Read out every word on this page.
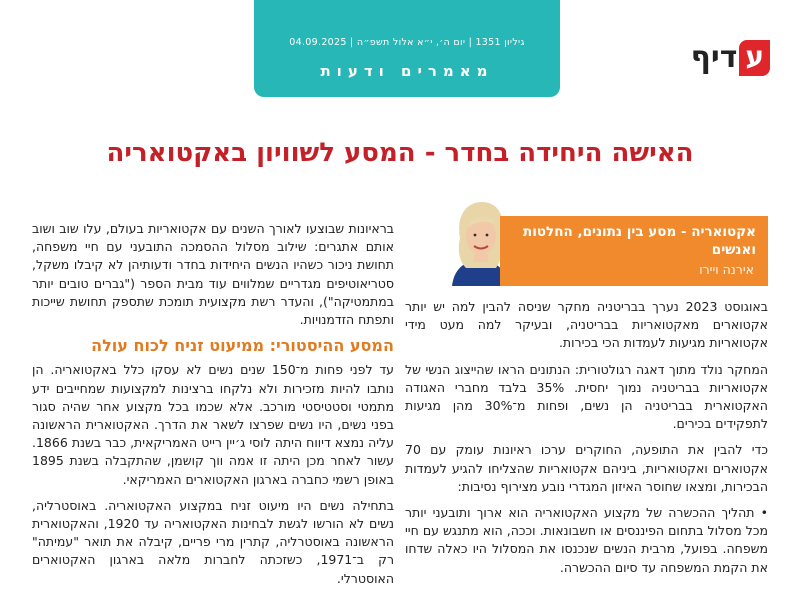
גיליון 1351 | יום ה׳, י״א אלול תשפ״ה | 04.09.2025
מאמרים ודעות	ע
דיף
האישה היחידה בחדר - המסע לשוויון באקטואריה
אקטואריה - מסע בין נתונים, החלטות ואנשים
אירנה ויירו

באוגוסט 2023 נערך בבריטניה מחקר שניסה להבין למה יש יותר אקטוארים מאקטואריות בבריטניה, ובעיקר למה מעט מידי אקטואריות מגיעות לעמדות הכי בכירות.

המחקר נולד מתוך דאגה רגולטורית: הנתונים הראו שהייצוג הנשי של אקטואריות בבריטניה נמוך יחסית. 35% בלבד מחברי האגודה האקטוארית בבריטניה הן נשים, ופחות מ־30% מהן מגיעות לתפקידים בכירים.

כדי להבין את התופעה, החוקרים ערכו ראיונות עומק עם 70 אקטוארים ואקטואריות, ביניהם אקטואריות שהצליחו להגיע לעמדות הבכירות, ומצאו שחוסר האיזון המגדרי נובע מצירוף נסיבות:

• תהליך ההכשרה של מקצוע האקטואריה הוא ארוך ותובעני יותר מכל מסלול בתחום הפיננסים או חשבונאות. וככה, הוא מתנגש עם חיי משפחה. בפועל, מרבית הנשים שנכנסו את המסלול היו כאלה שדחו את הקמת המשפחה עד סיום ההכשרה.

בראיונות שבוצעו לאורך השנים עם אקטואריות בעולם, עלו שוב ושוב אותם אתגרים: שילוב מסלול ההסמכה התובעני עם חיי משפחה, תחושת ניכור כשהיו הנשים היחידות בחדר ודעותיהן לא קיבלו משקל, סטריאוטיפים מגדריים שמלווים עוד מבית הספר ("גברים טובים יותר במתמטיקה"), והעדר רשת מקצועית תומכת שתספק תחושת שייכות ותפתח הזדמנויות.

המסע ההיסטורי: ממיעוט זניח לכוח עולה

עד לפני פחות מ־150 שנים נשים לא עסקו כלל באקטואריה. הן נותבו להיות מזכירות ולא נלקחו ברצינות למקצועות שמחייבים ידע מתמטי וסטטיסטי מורכב. אלא שכמו בכל מקצוע אחר שהיה סגור בפני נשים, היו נשים שפרצו לשאר את הדרך. האקטוארית הראשונה עליה נמצא דיווח היתה לוסי ג׳יין רייט האמריקאית, כבר בשנת 1866. עשור לאחר מכן היתה זו אמה ווך קושמן, שהתקבלה בשנת 1895 באופן רשמי כחברה בארגון האקטוארים האמריקאי.

בתחילה נשים היו מיעוט זניח במקצוע האקטואריה. באוסטרליה, נשים לא הורשו לגשת לבחינות האקטואריה עד 1920, והאקטוארית הראשונה באוסטרליה, קתרין מרי פריים, קיבלה את תואר "עמיתה" רק ב־1971, כשזכתה לחברות מלאה בארגון האקטוארים האוסטרלי.
